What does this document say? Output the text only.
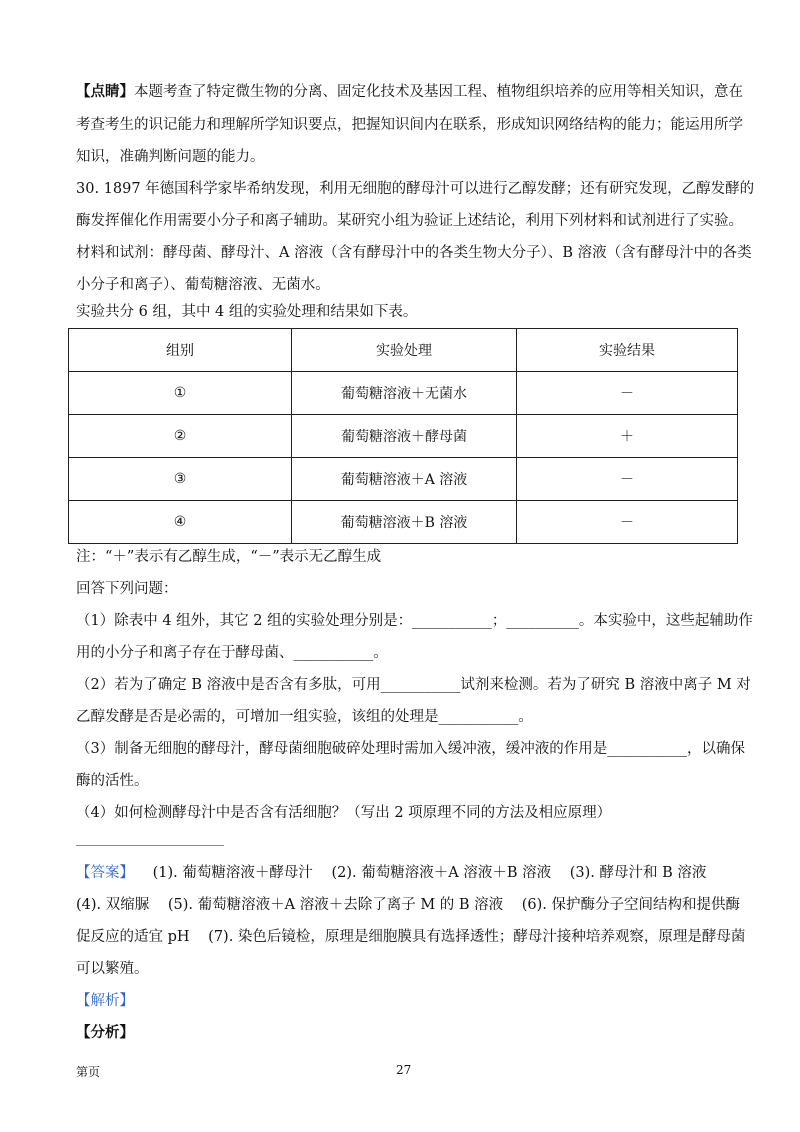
【点睛】本题考查了特定微生物的分离、固定化技术及基因工程、植物组织培养的应用等相关知识，意在
考查考生的识记能力和理解所学知识要点，把握知识间内在联系，形成知识网络结构的能力；能运用所学
知识，准确判断问题的能力。
30. 1897 年德国科学家毕希纳发现，利用无细胞的酵母汁可以进行乙醇发酵；还有研究发现，乙醇发酵的
酶发挥催化作用需要小分子和离子辅助。某研究小组为验证上述结论，利用下列材料和试剂进行了实验。
材料和试剂：酵母菌、酵母汁、A 溶液（含有酵母汁中的各类生物大分子）、B 溶液（含有酵母汁中的各类
小分子和离子）、葡萄糖溶液、无菌水。
实验共分 6 组，其中 4 组的实验处理和结果如下表。
组别	实验处理	实验结果
①	葡萄糖溶液＋无菌水	－
②	葡萄糖溶液＋酵母菌	＋
③	葡萄糖溶液＋A 溶液	－
④	葡萄糖溶液＋B 溶液	－
注：“＋”表示有乙醇生成，“－”表示无乙醇生成
回答下列问题：
（1）除表中 4 组外，其它 2 组的实验处理分别是：___________；__________。本实验中，这些起辅助作
用的小分子和离子存在于酵母菌、___________。
（2）若为了确定 B 溶液中是否含有多肽，可用___________试剂来检测。若为了研究 B 溶液中离子 M 对
乙醇发酵是否是必需的，可增加一组实验，该组的处理是___________。
（3）制备无细胞的酵母汁，酵母菌细胞破碎处理时需加入缓冲液，缓冲液的作用是___________，以确保
酶的活性。
（4）如何检测酵母汁中是否含有活细胞？（写出 2 项原理不同的方法及相应原理）
【答案】 (1). 葡萄糖溶液＋酵母汁 (2). 葡萄糖溶液＋A 溶液＋B 溶液 (3). 酵母汁和 B 溶液
(4). 双缩脲 (5). 葡萄糖溶液＋A 溶液＋去除了离子 M 的 B 溶液 (6). 保护酶分子空间结构和提供酶
促反应的适宜 pH (7). 染色后镜检，原理是细胞膜具有选择透性；酵母汁接种培养观察，原理是酵母菌
可以繁殖。
【解析】
【分析】
第页	27
